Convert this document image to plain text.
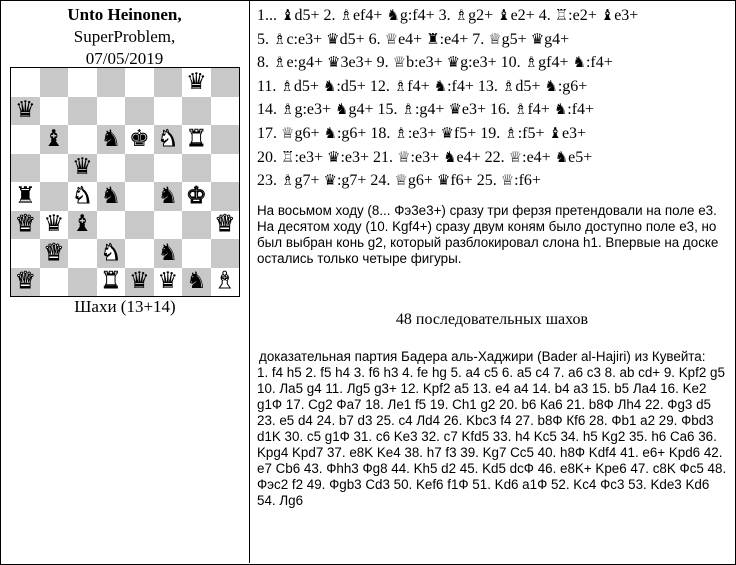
Unto Heinonen,
SuperProblem,
07/05/2019
♛
♛
♝ ♞ ♚ ♞ ♜
♛
♜ ♞ ♞ ♞ ♚
♛ ♛ ♝	♛
♛ ♞ ♞
♛	♜ ♛ ♛ ♞ ♝
Шахи (13+14)
1... ♝d5+ 2. ♗ef4+ ♞g:f4+ 3. ♗g2+ ♝e2+ 4. ♖:e2+ ♝e3+
5. ♗c:e3+ ♛d5+ 6. ♕e4+ ♜:e4+ 7. ♕g5+ ♛g4+
8. ♗e:g4+ ♛3e3+ 9. ♕b:e3+ ♛g:e3+ 10. ♗gf4+ ♞:f4+
11. ♗d5+ ♞:d5+ 12. ♗f4+ ♞:f4+ 13. ♗d5+ ♞:g6+
14. ♗g:e3+ ♞g4+ 15. ♗:g4+ ♛e3+ 16. ♗f4+ ♞:f4+
17. ♕g6+ ♞:g6+ 18. ♗:e3+ ♛f5+ 19. ♗:f5+ ♝e3+
20. ♖:e3+ ♛:e3+ 21. ♕:e3+ ♞e4+ 22. ♕:e4+ ♞e5+
23. ♗g7+ ♛:g7+ 24. ♕g6+ ♛f6+ 25. ♕:f6+

На восьмом ходу (8... Фэ3е3+) сразу три ферзя претендовали на поле е3.

На десятом ходу (10. Kgf4+) сразу двум коням было доступно поле е3, но был выбран конь g2, который разблокировал слона h1. Впервые на доске остались только четыре фигуры.

48 последовательных шахов

доказательная партия Бадера аль-Хаджири (Bader al-Hajiri) из Кувейта:

1. f4 h5 2. f5 h4 3. f6 h3 4. fe hg 5. a4 c5 6. a5 c4 7. a6 c3 8. ab cd+ 9. Kpf2 g5 10. Ла5 g4 11. Лg5 g3+ 12. Kpf2 a5 13. e4 a4 14. b4 a3 15. b5 Ла4 16. Ke2 g1Ф 17. Cg2 Фа7 18. Ле1 f5 19. Ch1 g2 20. b6 Ка6 21. b8Ф Лh4 22. Фg3 d5 23. e5 d4 24. b7 d3 25. c4 Лd4 26. Kbc3 f4 27. b8Ф Кf6 28. Фb1 a2 29. Фbd3 d1K 30. c5 g1Ф 31. c6 Ke3 32. c7 Kfd5 33. h4 Kc5 34. h5 Kg2 35. h6 Ca6 36. Kpg4 Kpd7 37. e8K Ke4 38. h7 f3 39. Kg7 Cc5 40. h8Ф Kdf4 41. e6+ Kpd6 42. e7 Cb6 43. Фhh3 Фg8 44. Kh5 d2 45. Kd5 dcФ 46. e8K+ Kpe6 47. c8K Фс5 48. Фэс2 f2 49. Фgb3 Cd3 50. Kef6 f1Ф 51. Kd6 a1Ф 52. Kc4 Фс3 53. Kde3 Kd6 54. Лg6
